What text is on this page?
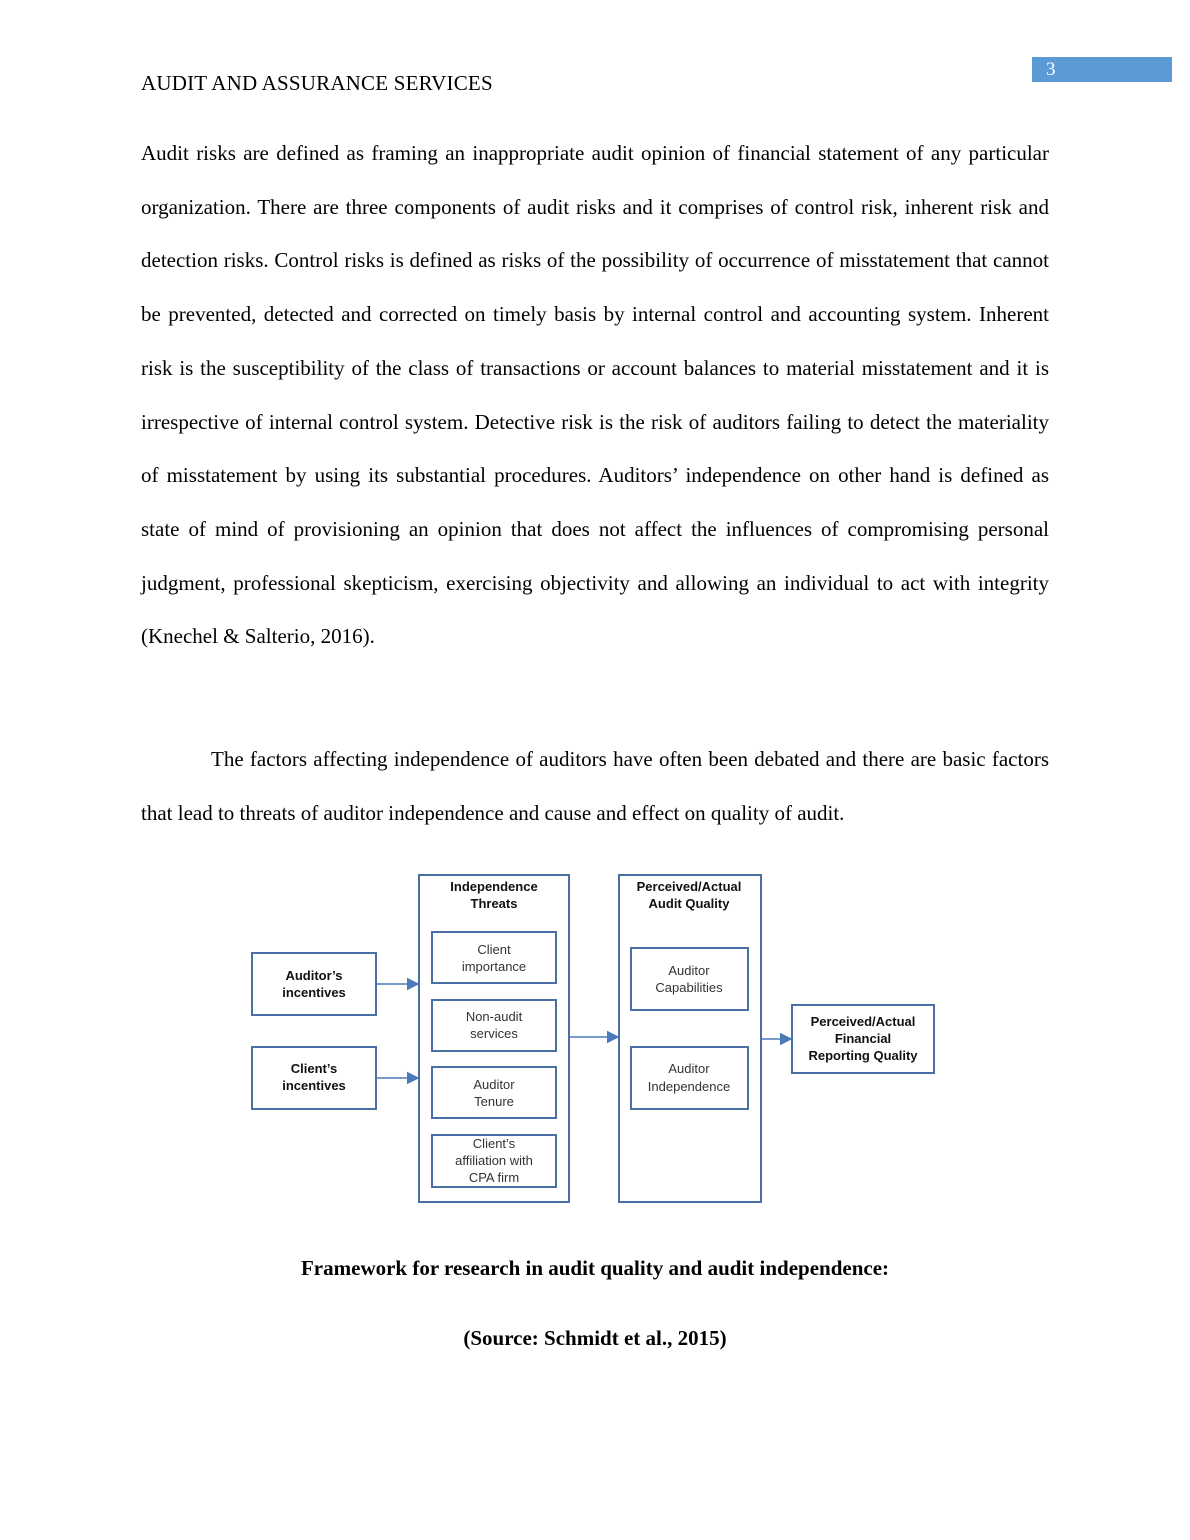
3
AUDIT AND ASSURANCE SERVICES
Audit risks are defined as framing an inappropriate audit opinion of financial statement of any particular organization. There are three components of audit risks and it comprises of control risk, inherent risk and detection risks. Control risks is defined as risks of the possibility of occurrence of misstatement that cannot be prevented, detected and corrected on timely basis by internal control and accounting system. Inherent risk is the susceptibility of the class of transactions or account balances to material misstatement and it is irrespective of internal control system. Detective risk is the risk of auditors failing to detect the materiality of misstatement by using its substantial procedures. Auditors’ independence on other hand is defined as state of mind of provisioning an opinion that does not affect the influences of compromising personal judgment, professional skepticism, exercising objectivity and allowing an individual to act with integrity (Knechel & Salterio, 2016).
The factors affecting independence of auditors have often been debated and there are basic factors that lead to threats of auditor independence and cause and effect on quality of audit.
Auditor’s
incentives
Client’s
incentives
Independence
Threats
Client
importance
Non-audit
services
Auditor
Tenure
Client’s
affiliation with
CPA firm
Perceived/Actual
Audit Quality
Auditor
Capabilities
Auditor
Independence
Perceived/Actual
Financial
Reporting Quality
Framework for research in audit quality and audit independence:
(Source: Schmidt et al., 2015)
